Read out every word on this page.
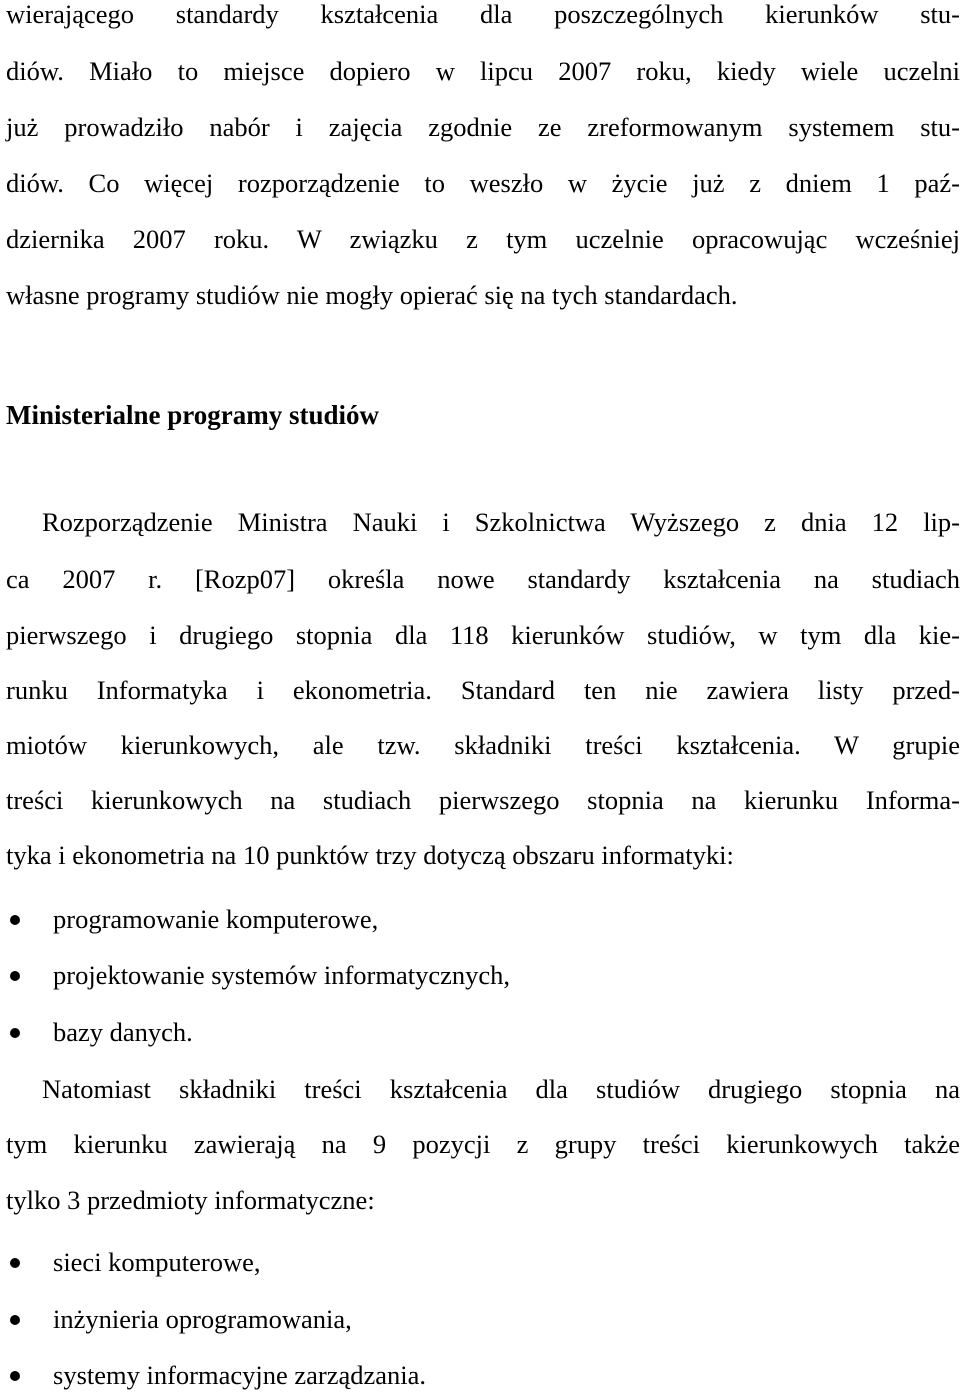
wierającego standardy kształcenia dla poszczególnych kierunków stu-
diów. Miało to miejsce dopiero w lipcu 2007 roku, kiedy wiele uczelni
już prowadziło nabór i zajęcia zgodnie ze zreformowanym systemem stu-
diów. Co więcej rozporządzenie to weszło w życie już z dniem 1 paź-
dziernika 2007 roku. W związku z tym uczelnie opracowując wcześniej
własne programy studiów nie mogły opierać się na tych standardach.
Ministerialne programy studiów
Rozporządzenie Ministra Nauki i Szkolnictwa Wyższego z dnia 12 lip-
ca 2007 r. [Rozp07] określa nowe standardy kształcenia na studiach
pierwszego i drugiego stopnia dla 118 kierunków studiów, w tym dla kie-
runku Informatyka i ekonometria. Standard ten nie zawiera listy przed-
miotów kierunkowych, ale tzw. składniki treści kształcenia. W grupie
treści kierunkowych na studiach pierwszego stopnia na kierunku Informa-
tyka i ekonometria na 10 punktów trzy dotyczą obszaru informatyki:
programowanie komputerowe,
projektowanie systemów informatycznych,
bazy danych.
Natomiast składniki treści kształcenia dla studiów drugiego stopnia na
tym kierunku zawierają na 9 pozycji z grupy treści kierunkowych także
tylko 3 przedmioty informatyczne:
sieci komputerowe,
inżynieria oprogramowania,
systemy informacyjne zarządzania.
